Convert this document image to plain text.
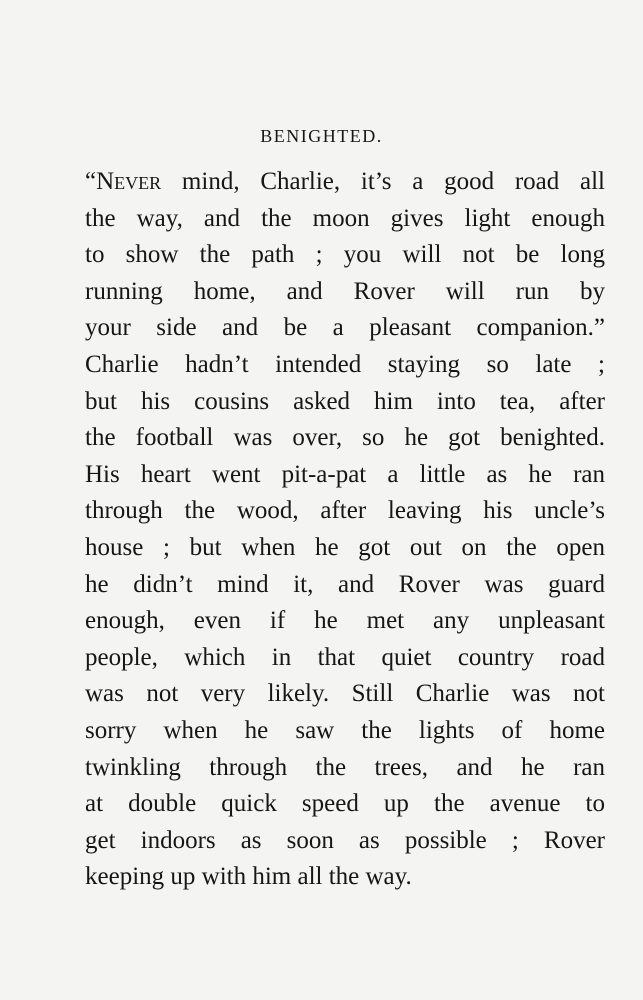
BENIGHTED.
“Never mind, Charlie, it’s a good road all
the way, and the moon gives light enough
to show the path ; you will not be long
running home, and Rover will run by
your side and be a pleasant companion.”
Charlie hadn’t intended staying so late ;
but his cousins asked him into tea, after
the football was over, so he got benighted.
His heart went pit-a-pat a little as he ran
through the wood, after leaving his uncle’s
house ; but when he got out on the open
he didn’t mind it, and Rover was guard
enough, even if he met any unpleasant
people, which in that quiet country road
was not very likely. Still Charlie was not
sorry when he saw the lights of home
twinkling through the trees, and he ran
at double quick speed up the avenue to
get indoors as soon as possible ; Rover
keeping up with him all the way.
